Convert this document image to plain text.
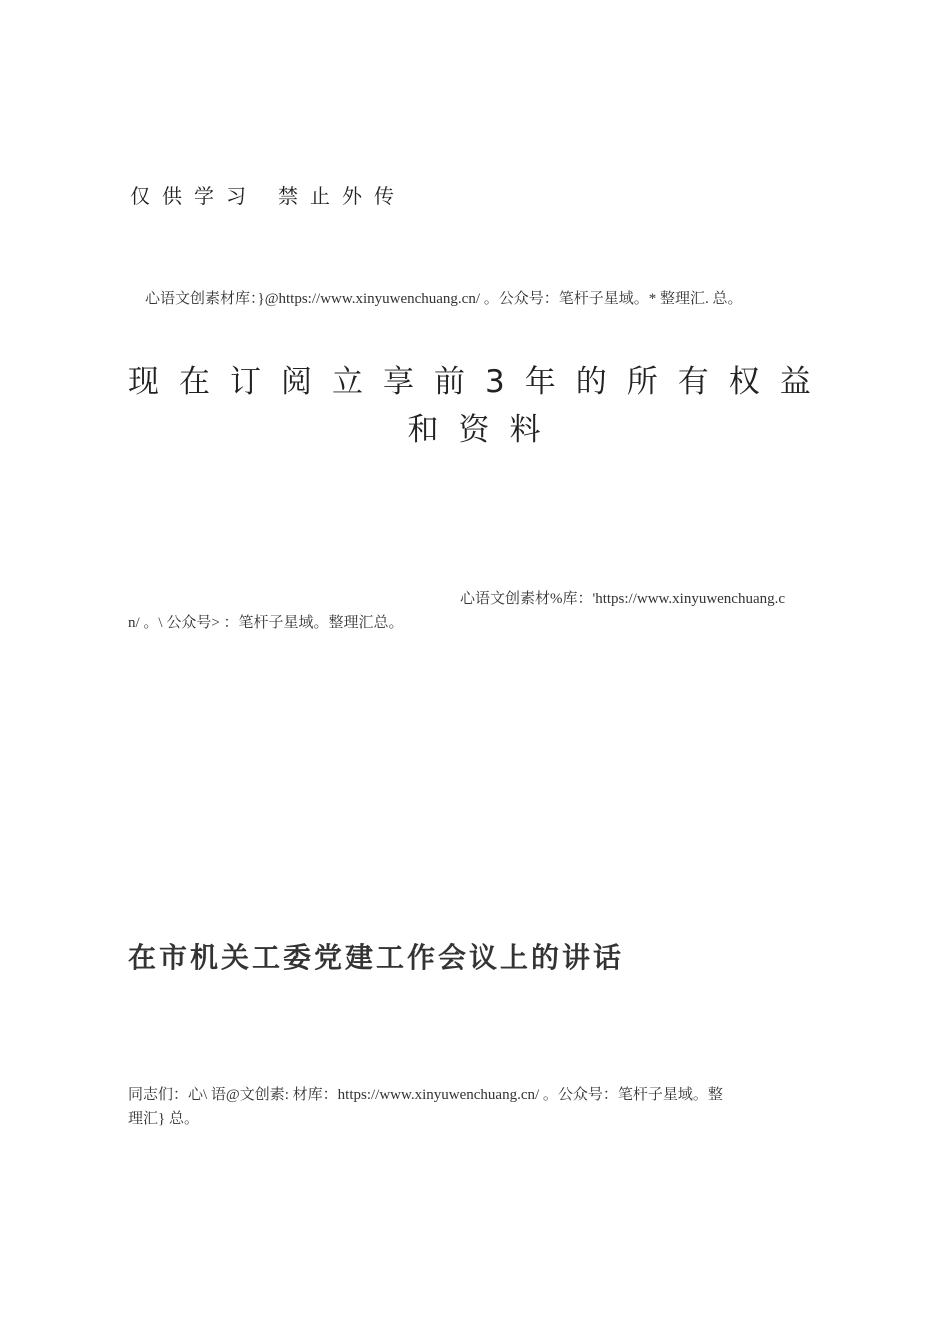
仅供学习 禁止外传
心语文创素材库：}@https://www.xinyuwenchuang.cn/ 。公众号：笔杆子星域。* 整理汇. 总。
现在订阅立享前3年的所有权益
和资料
心语文创素材%库：'https://www.xinyuwenchuang.c
n/ 。\ 公众号> ：笔杆子星域。整理汇总。
在市机关工委党建工作会议上的讲话
同志们：心\ 语@文创素: 材库：https://www.xinyuwenchuang.cn/ 。公众号：笔杆子星域。整
理汇} 总。
